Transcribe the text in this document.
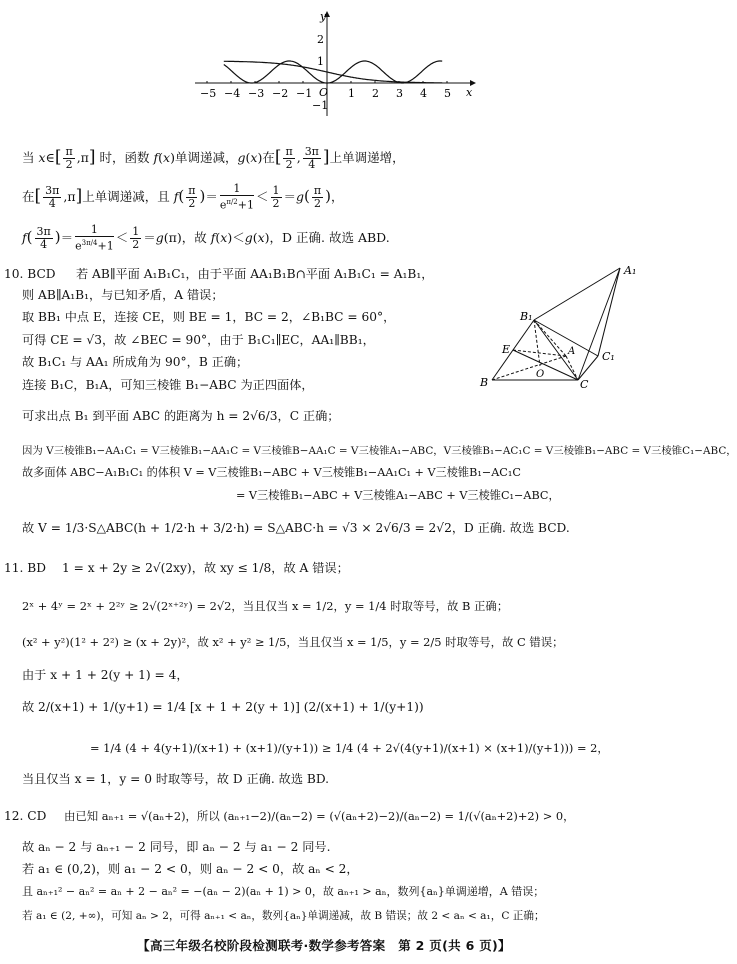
x
y
O
−5 −4 −3 −2 −1	1 2 3 4 5
2
1
−1
当 x∈[ $\frac{\pi}{2} ,\pi$] 时，函数 f(x)单调递减，g(x)在[ $\frac{\pi}{2}$ , $\frac{3\pi}{4}$ ]上单调递增，
在[ $\frac{3\pi}{4} ,\pi$]上单调递减，且 $f( \frac{\pi}{2}$ )＝ $\frac{1}{e^{\pi/2}+1} < \frac{1}{2} =g( \frac{\pi}{2}$ )，
$f( \frac{3\pi}{4}$ )＝ $\frac{1}{e^{3\pi/4}+1} < \frac{1}{2} =g(\pi)$，故 f(x)＜g(x)，D 正确. 故选 ABD.
10. BCD 若 AB∥平面 A₁B₁C₁，由于平面 AA₁B₁B∩平面 A₁B₁C₁ = A₁B₁，
则 AB∥A₁B₁，与已知矛盾，A 错误；
取 BB₁ 中点 E，连接 CE，则 BE = 1，BC = 2，∠B₁BC = 60°，
可得 CE = √3，故 ∠BEC = 90°，由于 B₁C₁∥EC，AA₁∥BB₁，
故 B₁C₁ 与 AA₁ 所成角为 90°，B 正确；
连接 B₁C，B₁A，可知三棱锥 B₁−ABC 为正四面体，
可求出点 B₁ 到平面 ABC 的距离为 h = 2√6/3，C 正确；
因为 V三棱锥B₁−AA₁C₁ = V三棱锥B₁−AA₁C = V三棱锥B−AA₁C = V三棱锥A₁−ABC，V三棱锥B₁−AC₁C = V三棱锥B₁−ABC = V三棱锥C₁−ABC，
故多面体 ABC−A₁B₁C₁ 的体积 V = V三棱锥B₁−ABC + V三棱锥B₁−AA₁C₁ + V三棱锥B₁−AC₁C
= V三棱锥B₁−ABC + V三棱锥A₁−ABC + V三棱锥C₁−ABC，
故 V = 1/3·S△ABC(h + 1/2·h + 3/2·h) = S△ABC·h = √3 × 2√6/3 = 2√2，D 正确. 故选 BCD.
A₁
B₁
C₁
E	A
O
B	C
11. BD 1 = x + 2y ≥ 2√(2xy)，故 xy ≤ 1/8，故 A 错误；
2ˣ + 4ʸ = 2ˣ + 2²ʸ ≥ 2√(2ˣ⁺²ʸ) = 2√2，当且仅当 x = 1/2，y = 1/4 时取等号，故 B 正确；
(x² + y²)(1² + 2²) ≥ (x + 2y)²，故 x² + y² ≥ 1/5，当且仅当 x = 1/5，y = 2/5 时取等号，故 C 错误；
由于 x + 1 + 2(y + 1) = 4，
故 2/(x+1) + 1/(y+1) = 1/4 [x + 1 + 2(y + 1)] (2/(x+1) + 1/(y+1))
= 1/4 (4 + 4(y+1)/(x+1) + (x+1)/(y+1)) ≥ 1/4 (4 + 2√(4(y+1)/(x+1) × (x+1)/(y+1))) = 2，
当且仅当 x = 1，y = 0 时取等号，故 D 正确. 故选 BD.
12. CD 由已知 aₙ₊₁ = √(aₙ+2)，所以 (aₙ₊₁−2)/(aₙ−2) = (√(aₙ+2)−2)/(aₙ−2) = 1/(√(aₙ+2)+2) > 0，
故 aₙ − 2 与 aₙ₊₁ − 2 同号，即 aₙ − 2 与 a₁ − 2 同号.
若 a₁ ∈ (0,2)，则 a₁ − 2 < 0，则 aₙ − 2 < 0，故 aₙ < 2，
且 aₙ₊₁² − aₙ² = aₙ + 2 − aₙ² = −(aₙ − 2)(aₙ + 1) > 0，故 aₙ₊₁ > aₙ，数列{aₙ}单调递增，A 错误；
若 a₁ ∈ (2, +∞)，可知 aₙ > 2，可得 aₙ₊₁ < aₙ，数列{aₙ}单调递减，故 B 错误；故 2 < aₙ < a₁，C 正确；
【高三年级名校阶段检测联考·数学参考答案　第 2 页(共 6 页)】
